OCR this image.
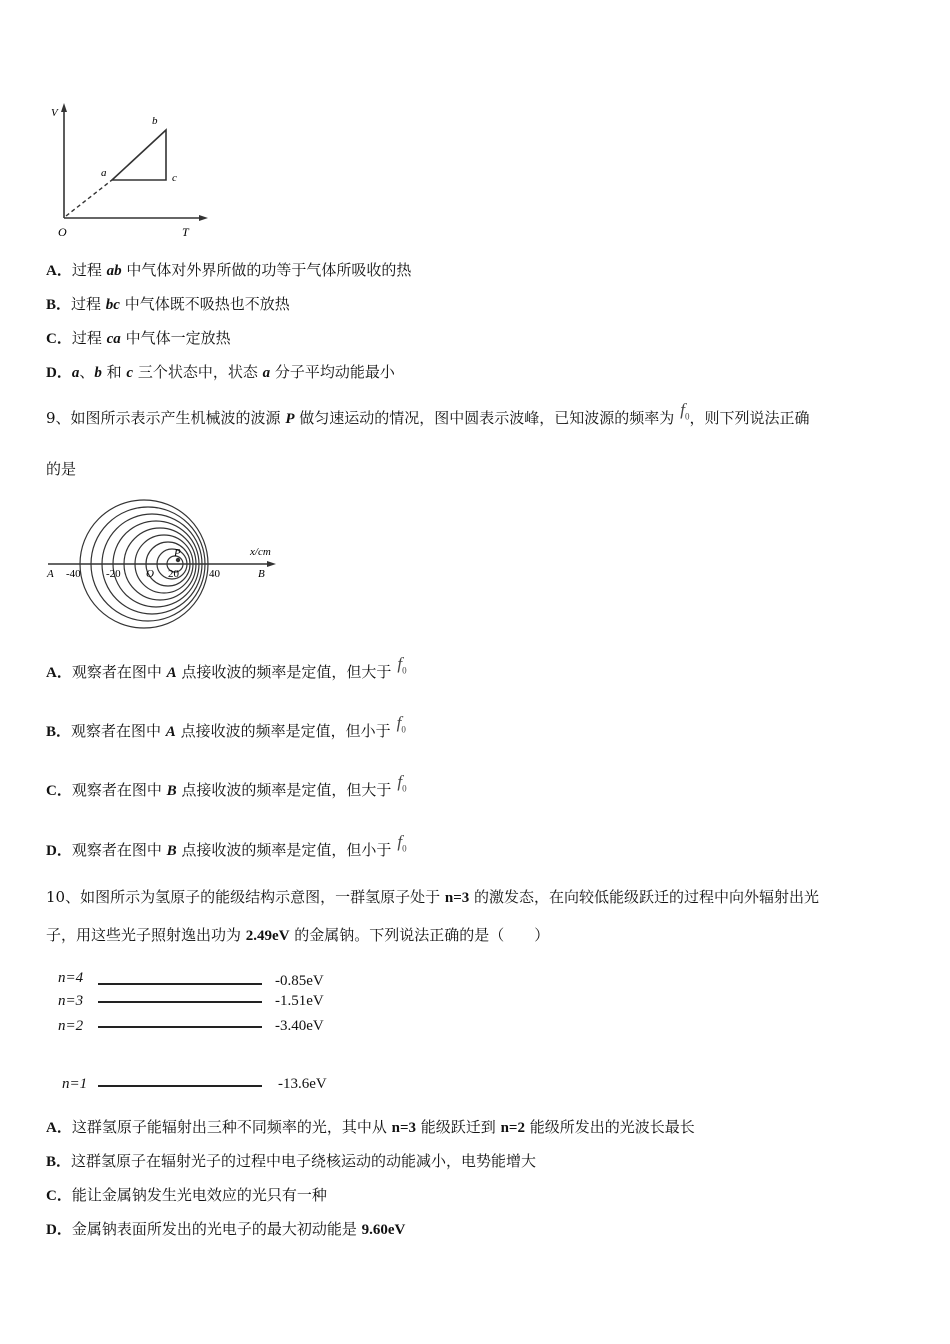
V
T
O
a
b
c
A．过程 ab 中气体对外界所做的功等于气体所吸收的热
B．过程 bc 中气体既不吸热也不放热
C．过程 ca 中气体一定放热
D．a、b 和 c 三个状态中，状态 a 分子平均动能最小
9、如图所示表示产生机械波的波源 P 做匀速运动的情况，图中圆表示波峰，已知波源的频率为 $f_0$，则下列说法正确
的是
P	x/cm
A	B
-40 -20 O 20	40
A．观察者在图中 A 点接收波的频率是定值，但大于 $f_0$
B．观察者在图中 A 点接收波的频率是定值，但小于 $f_0$
C．观察者在图中 B 点接收波的频率是定值，但大于 $f_0$
D．观察者在图中 B 点接收波的频率是定值，但小于 $f_0$
10、如图所示为氢原子的能级结构示意图，一群氢原子处于 n=3 的激发态，在向较低能级跃迁的过程中向外辐射出光
子，用这些光子照射逸出功为 2.49eV 的金属钠。下列说法正确的是（　　）
n=4	-0.85eV
n=3	-1.51eV
n=2	-3.40eV
n=1	-13.6eV
A．这群氢原子能辐射出三种不同频率的光，其中从 n=3 能级跃迁到 n=2 能级所发出的光波长最长
B．这群氢原子在辐射光子的过程中电子绕核运动的动能减小，电势能增大
C．能让金属钠发生光电效应的光只有一种
D．金属钠表面所发出的光电子的最大初动能是 9.60eV
